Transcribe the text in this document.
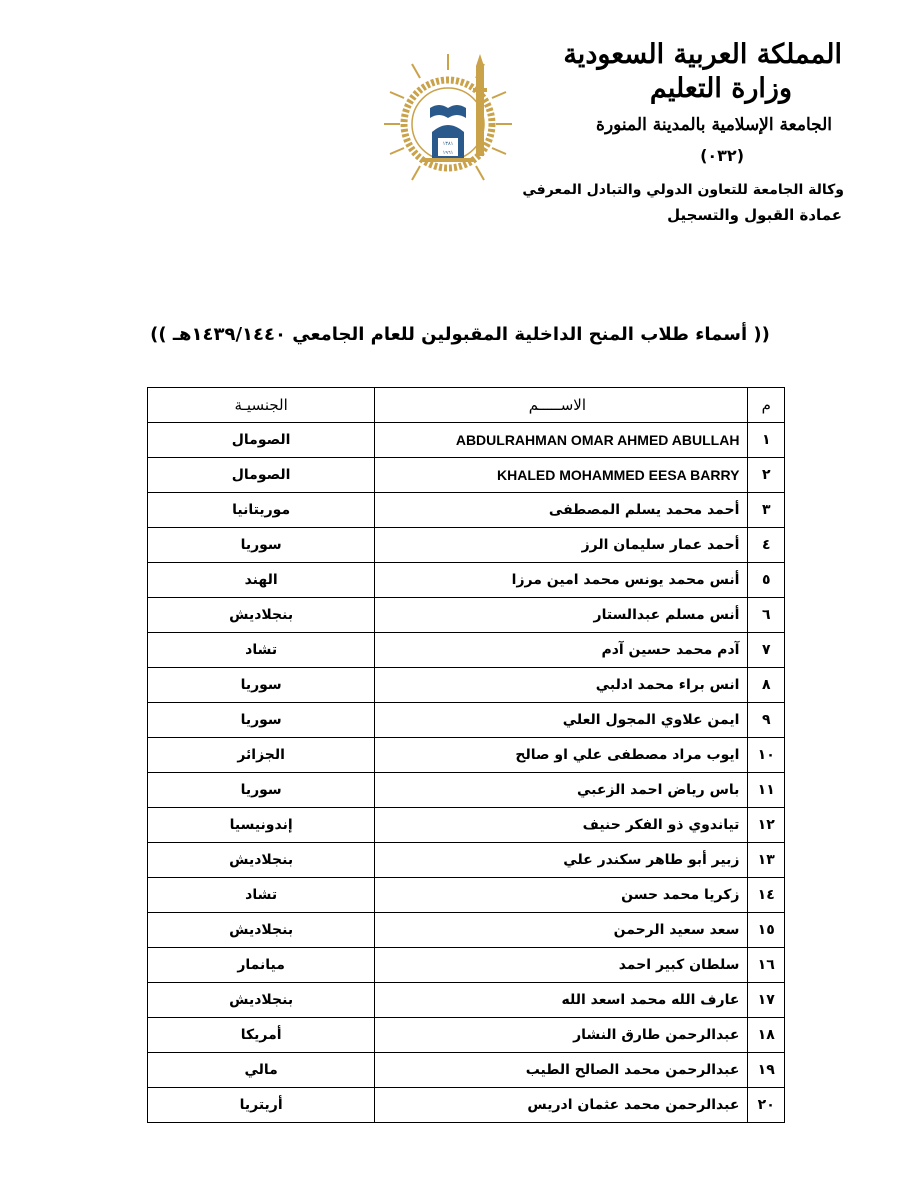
المملكة العربية السعودية
وزارة التعليم
الجامعة الإسلامية بالمدينة المنورة
(٠٣٢)
وكالة الجامعة للتعاون الدولي والتبادل المعرفي
عمادة القبول والتسجيل
١٣٨١
١٩٦١
(( أسماء طلاب المنح الداخلية المقبولين للعام الجامعي ١٤٣٩/١٤٤٠هـ ))
م	الاســـــم	الجنسيـة
١	ABDULRAHMAN OMAR AHMED ABULLAH	الصومال
٢	KHALED MOHAMMED EESA BARRY	الصومال
٣	أحمد محمد يسلم المصطفى	موريتانيا
٤	أحمد عمار سليمان الرز	سوريا
٥	أنس محمد يونس محمد امين مرزا	الهند
٦	أنس مسلم عبدالستار	بنجلاديش
٧	آدم محمد حسين آدم	تشاد
٨	انس براء محمد ادلبي	سوريا
٩	ايمن علاوي المجول العلي	سوريا
١٠	ايوب مراد مصطفى علي او صالح	الجزائر
١١	باس رياض احمد الزعبي	سوريا
١٢	تياندوي ذو الفكر حنيف	إندونيسيا
١٣	زبير أبو طاهر سكندر علي	بنجلاديش
١٤	زكريا محمد حسن	تشاد
١٥	سعد سعيد الرحمن	بنجلاديش
١٦	سلطان كبير احمد	ميانمار
١٧	عارف الله محمد اسعد الله	بنجلاديش
١٨	عبدالرحمن طارق النشار	أمريكا
١٩	عبدالرحمن محمد الصالح الطيب	مالي
٢٠	عبدالرحمن محمد عثمان ادريس	أريتريا
